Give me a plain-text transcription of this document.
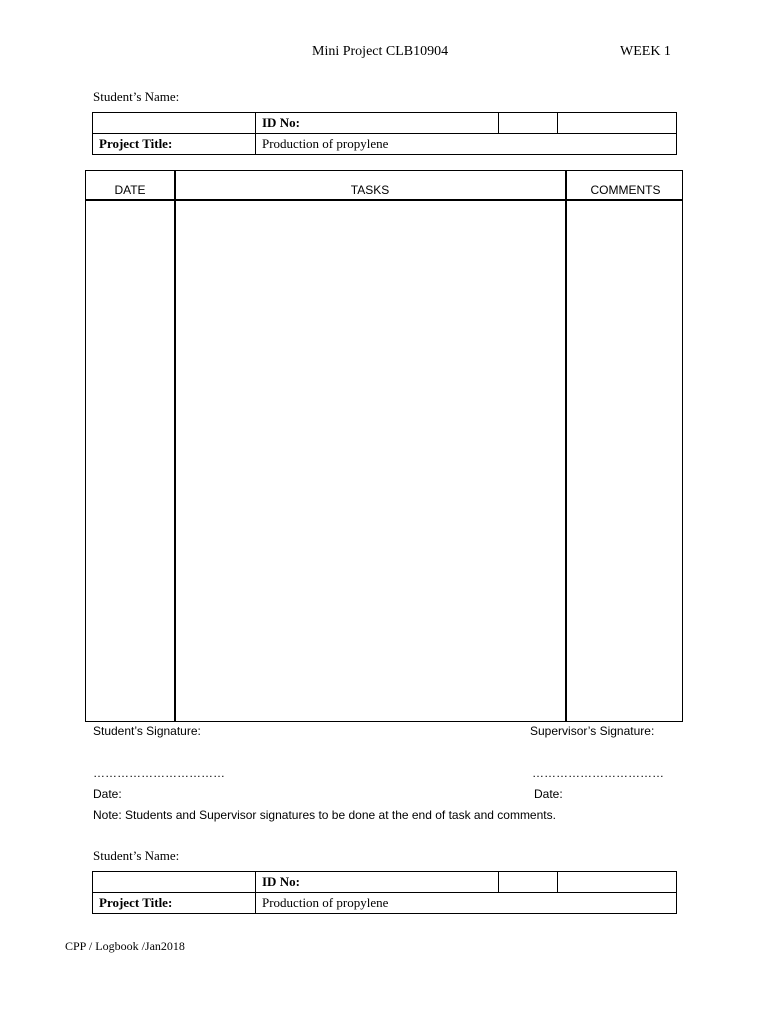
Mini Project CLB10904	WEEK 1
Student’s Name:
	ID No:		
Project Title:	Production of propylene		
DATE	TASKS	COMMENTS
Student’s Signature:	Supervisor’s Signature:
……………………………	……………………………
Date:	Date:
Note: Students and Supervisor signatures to be done at the end of task and comments.
Student’s Name:
	ID No:		
Project Title:	Production of propylene		
CPP / Logbook /Jan2018
